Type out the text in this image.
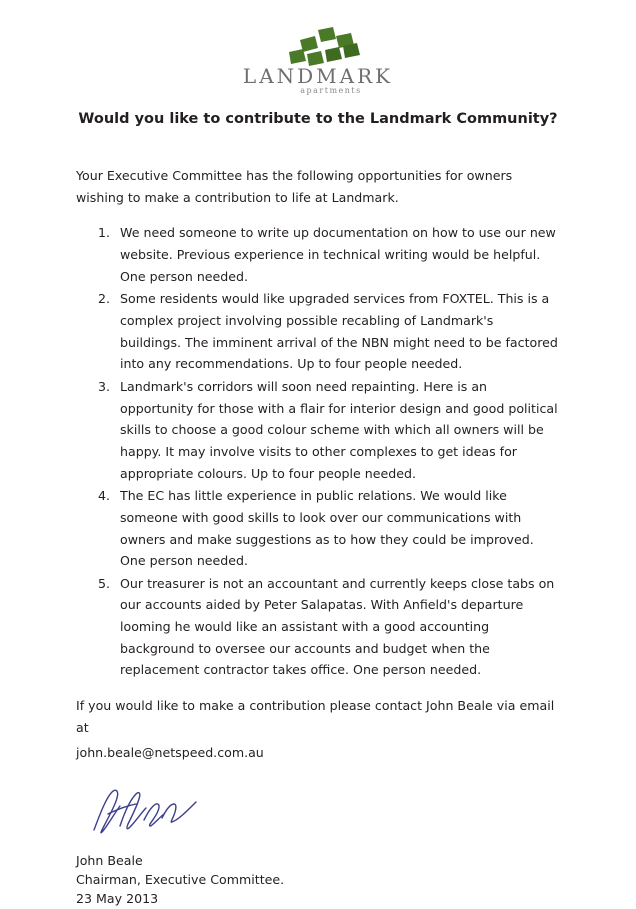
LANDMARK
apartments
Would you like to contribute to the Landmark Community?

Your Executive Committee has the following opportunities for owners wishing to make a contribution to life at Landmark.

1. We need someone to write up documentation on how to use our new website. Previous experience in technical writing would be helpful. One person needed.
2. Some residents would like upgraded services from FOXTEL. This is a complex project involving possible recabling of Landmark's buildings. The imminent arrival of the NBN might need to be factored into any recommendations. Up to four people needed.
3. Landmark's corridors will soon need repainting. Here is an opportunity for those with a flair for interior design and good political skills to choose a good colour scheme with which all owners will be happy. It may involve visits to other complexes to get ideas for appropriate colours. Up to four people needed.
4. The EC has little experience in public relations. We would like someone with good skills to look over our communications with owners and make suggestions as to how they could be improved. One person needed.
5. Our treasurer is not an accountant and currently keeps close tabs on our accounts aided by Peter Salapatas. With Anfield's departure looming he would like an assistant with a good accounting background to oversee our accounts and budget when the replacement contractor takes office. One person needed.

If you would like to make a contribution please contact John Beale via email at

john.beale@netspeed.com.au

John Beale
Chairman, Executive Committee.
23 May 2013
